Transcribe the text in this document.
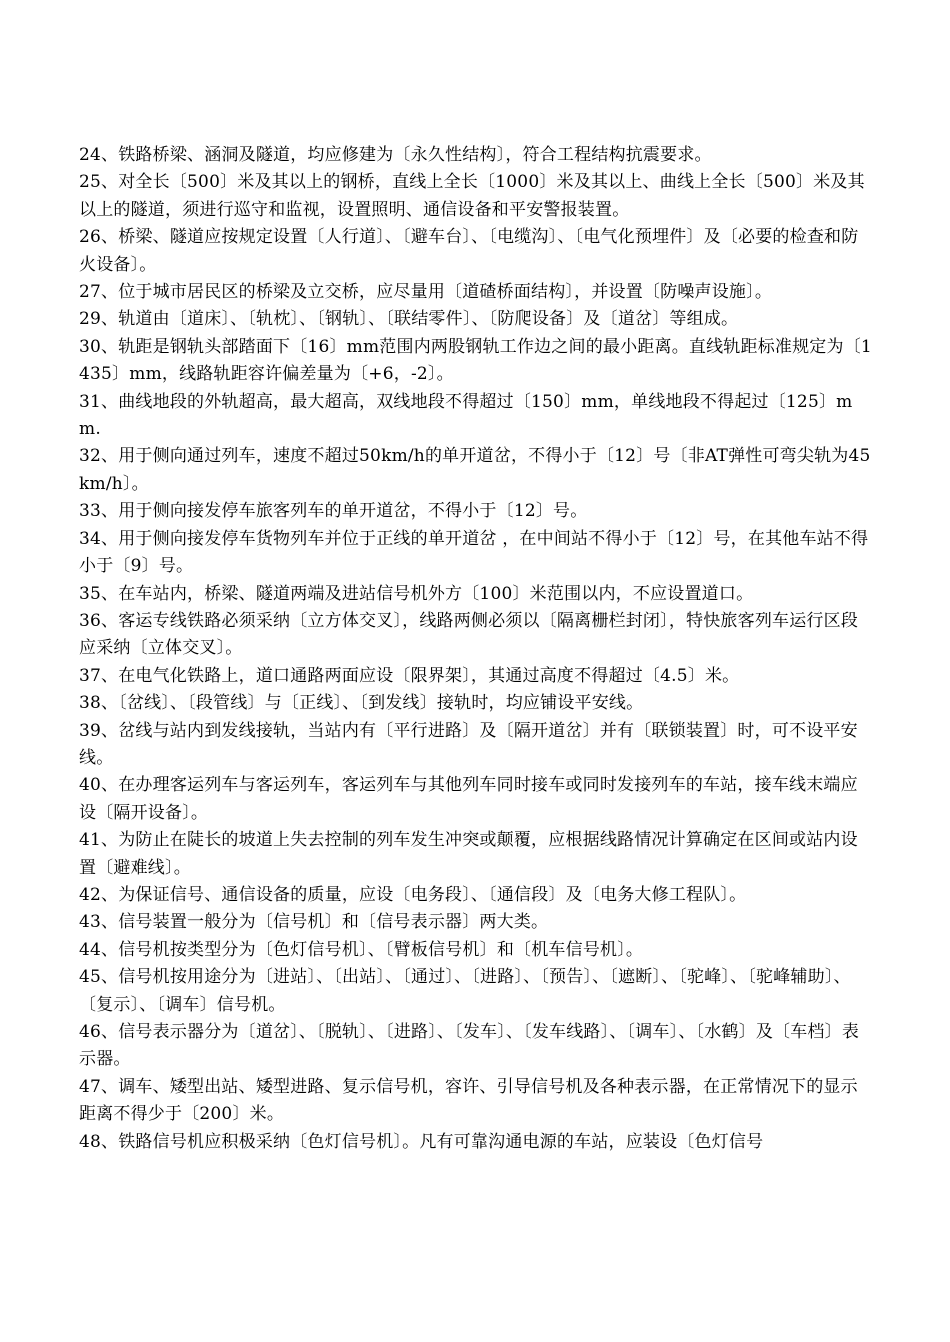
24、铁路桥梁、涵洞及隧道，均应修建为〔永久性结构〕，符合工程结构抗震要求。

25、对全长〔500〕米及其以上的钢桥，直线上全长〔1000〕米及其以上、曲线上全长〔500〕米及其以上的隧道，须进行巡守和监视，设置照明、通信设备和平安警报装置。

26、桥梁、隧道应按规定设置〔人行道〕、〔避车台〕、〔电缆沟〕、〔电气化预埋件〕及〔必要的检查和防火设备〕。

27、位于城市居民区的桥梁及立交桥，应尽量用〔道碴桥面结构〕，并设置〔防噪声设施〕。

29、轨道由〔道床〕、〔轨枕〕、〔钢轨〕、〔联结零件〕、〔防爬设备〕及〔道岔〕等组成。

30、轨距是钢轨头部踏面下〔16〕mm范围内两股钢轨工作边之间的最小距离。直线轨距标准规定为〔1435〕mm，线路轨距容许偏差量为〔+6，-2〕。

31、曲线地段的外轨超高，最大超高，双线地段不得超过〔150〕mm，单线地段不得起过〔125〕mm.

32、用于侧向通过列车，速度不超过50km/h的单开道岔，不得小于〔12〕号〔非AT弹性可弯尖轨为45km/h〕。

33、用于侧向接发停车旅客列车的单开道岔，不得小于〔12〕号。

34、用于侧向接发停车货物列车并位于正线的单开道岔 ，在中间站不得小于〔12〕号，在其他车站不得小于〔9〕号。

35、在车站内，桥梁、隧道两端及进站信号机外方〔100〕米范围以内，不应设置道口。

36、客运专线铁路必须采纳〔立方体交叉〕，线路两侧必须以〔隔离栅栏封闭〕，特快旅客列车运行区段应采纳〔立体交叉〕。

37、在电气化铁路上，道口通路两面应设〔限界架〕，其通过高度不得超过〔4.5〕米。

38、〔岔线〕、〔段管线〕与〔正线〕、〔到发线〕接轨时，均应铺设平安线。

39、岔线与站内到发线接轨，当站内有〔平行进路〕及〔隔开道岔〕并有〔联锁装置〕时，可不设平安线。

40、在办理客运列车与客运列车，客运列车与其他列车同时接车或同时发接列车的车站，接车线末端应设〔隔开设备〕。

41、为防止在陡长的坡道上失去控制的列车发生冲突或颠覆，应根据线路情况计算确定在区间或站内设置〔避难线〕。

42、为保证信号、通信设备的质量，应设〔电务段〕、〔通信段〕及〔电务大修工程队〕。

43、信号装置一般分为〔信号机〕和〔信号表示器〕两大类。

44、信号机按类型分为〔色灯信号机〕、〔臂板信号机〕和〔机车信号机〕。

45、信号机按用途分为〔进站〕、〔出站〕、〔通过〕、〔进路〕、〔预告〕、〔遮断〕、〔驼峰〕、〔驼峰辅助〕、〔复示〕、〔调车〕信号机。

46、信号表示器分为〔道岔〕、〔脱轨〕、〔进路〕、〔发车〕、〔发车线路〕、〔调车〕、〔水鹤〕及〔车档〕表示器。

47、调车、矮型出站、矮型进路、复示信号机，容许、引导信号机及各种表示器，在正常情况下的显示距离不得少于〔200〕米。

48、铁路信号机应积极采纳〔色灯信号机〕。凡有可靠沟通电源的车站，应装设〔色灯信号
